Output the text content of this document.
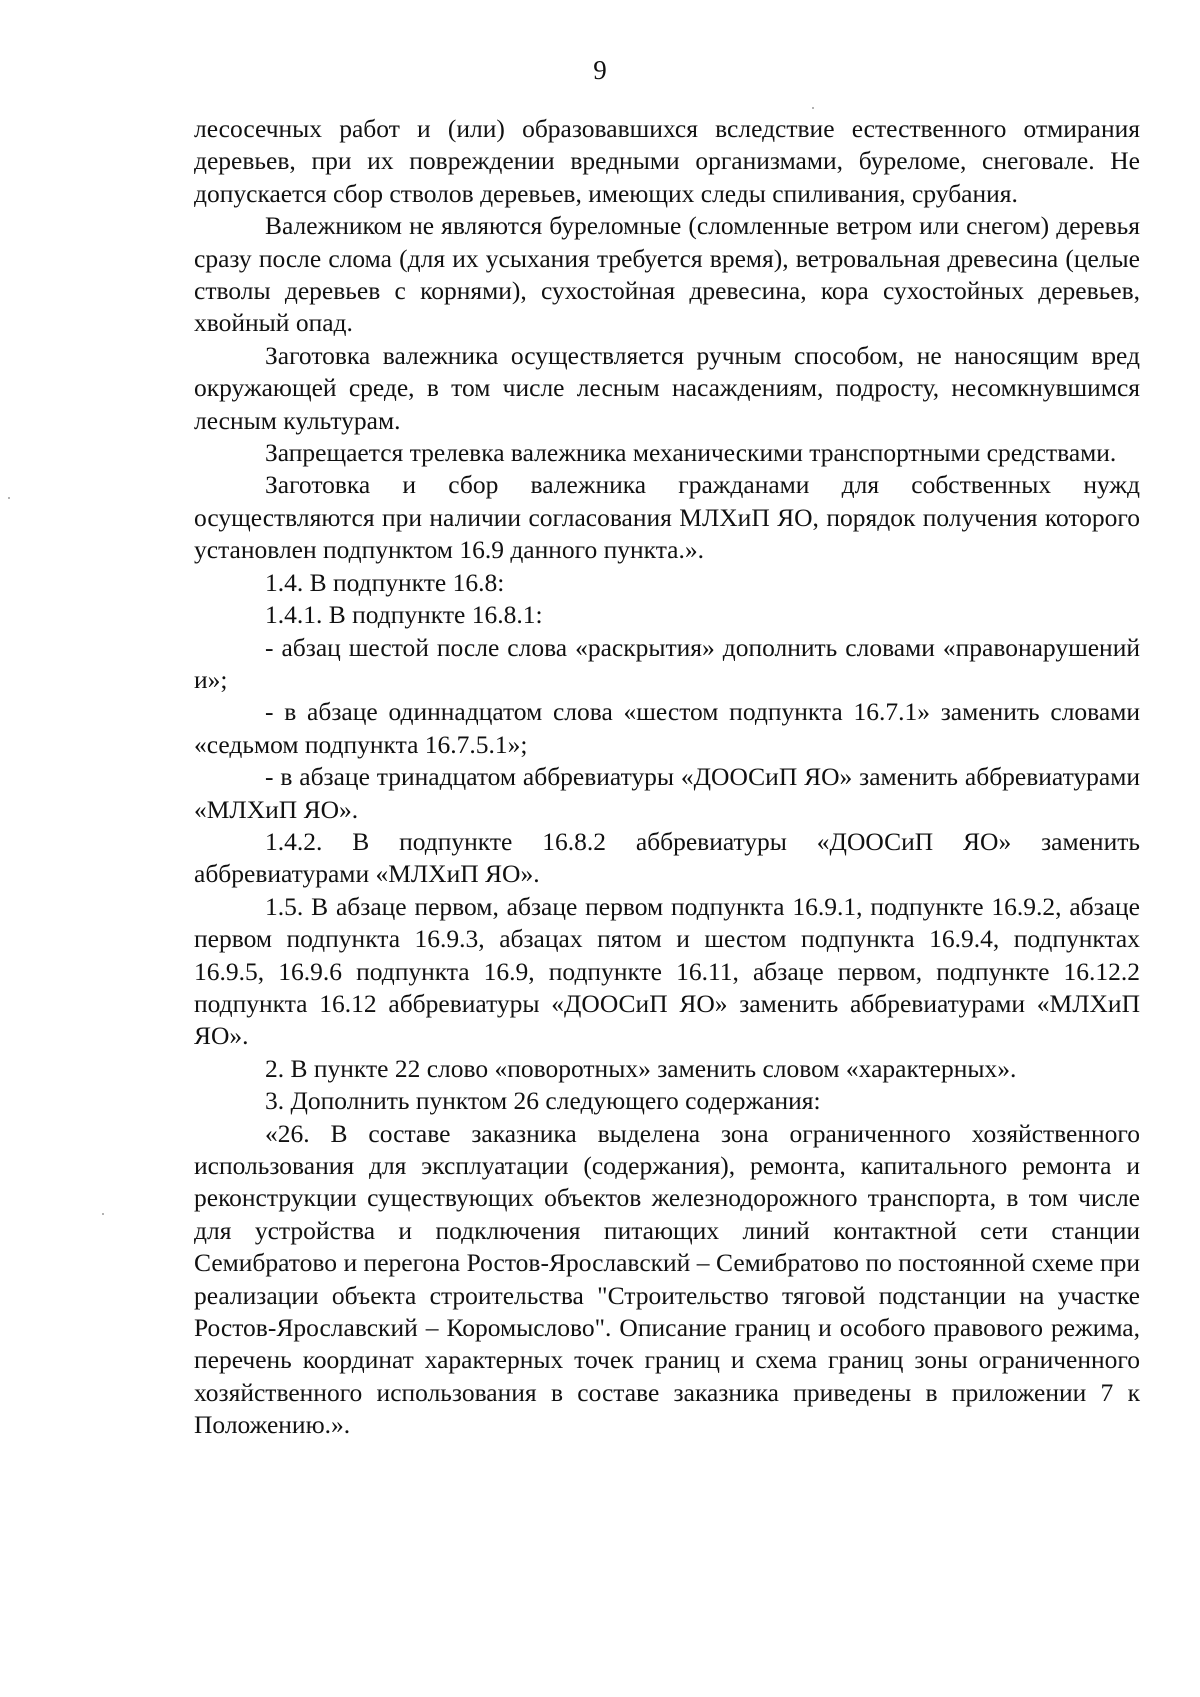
9

лесосечных работ и (или) образовавшихся вследствие естественного отмирания деревьев, при их повреждении вредными организмами, буреломе, снеговале. Не допускается сбор стволов деревьев, имеющих следы спиливания, срубания.

Валежником не являются буреломные (сломленные ветром или снегом) деревья сразу после слома (для их усыхания требуется время), ветровальная древесина (целые стволы деревьев с корнями), сухостойная древесина, кора сухостойных деревьев, хвойный опад.

Заготовка валежника осуществляется ручным способом, не наносящим вред окружающей среде, в том числе лесным насаждениям, подросту, несомкнувшимся лесным культурам.

Запрещается трелевка валежника механическими транспортными средствами.

Заготовка и сбор валежника гражданами для собственных нужд осуществляются при наличии согласования МЛХиП ЯО, порядок получения которого установлен подпунктом 16.9 данного пункта.».

1.4. В подпункте 16.8:

1.4.1. В подпункте 16.8.1:

- абзац шестой после слова «раскрытия» дополнить словами «правонарушений и»;

- в абзаце одиннадцатом слова «шестом подпункта 16.7.1» заменить словами «седьмом подпункта 16.7.5.1»;

- в абзаце тринадцатом аббревиатуры «ДООСиП ЯО» заменить аббревиатурами «МЛХиП ЯО».

1.4.2. В подпункте 16.8.2 аббревиатуры «ДООСиП ЯО» заменить аббревиатурами «МЛХиП ЯО».

1.5. В абзаце первом, абзаце первом подпункта 16.9.1, подпункте 16.9.2, абзаце первом подпункта 16.9.3, абзацах пятом и шестом подпункта 16.9.4, подпунктах 16.9.5, 16.9.6 подпункта 16.9, подпункте 16.11, абзаце первом, подпункте 16.12.2 подпункта 16.12 аббревиатуры «ДООСиП ЯО» заменить аббревиатурами «МЛХиП ЯО».

2. В пункте 22 слово «поворотных» заменить словом «характерных».

3. Дополнить пунктом 26 следующего содержания:

«26. В составе заказника выделена зона ограниченного хозяйственного использования для эксплуатации (содержания), ремонта, капитального ремонта и реконструкции существующих объектов железнодорожного транспорта, в том числе для устройства и подключения питающих линий контактной сети станции Семибратово и перегона Ростов-Ярославский – Семибратово по постоянной схеме при реализации объекта строительства "Строительство тяговой подстанции на участке Ростов-Ярославский – Коромыслово". Описание границ и особого правового режима, перечень координат характерных точек границ и схема границ зоны ограниченного хозяйственного использования в составе заказника приведены в приложении 7 к Положению.».
